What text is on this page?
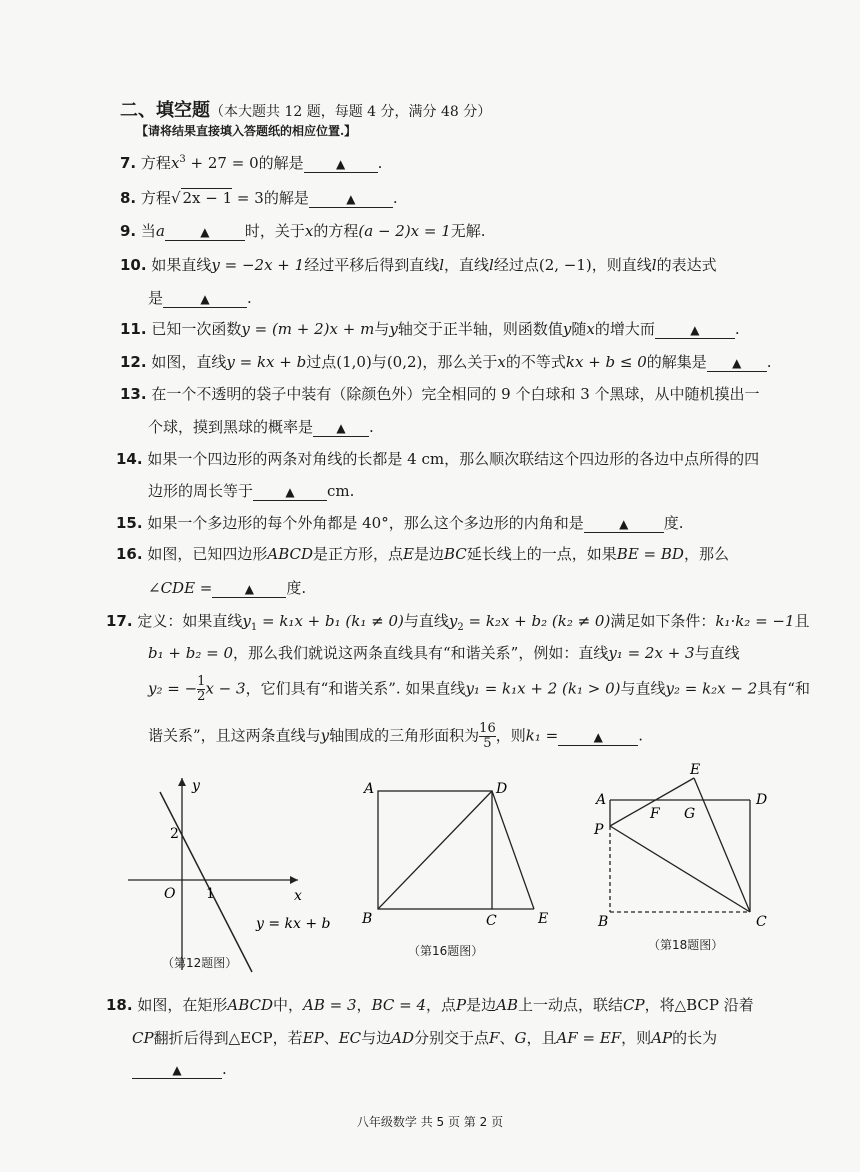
二、填空题（本大题共 12 题，每题 4 分，满分 48 分）
【请将结果直接填入答题纸的相应位置.】
7. 方程$x^3 + 27 = 0$的解是 ▲	.
8. 方程√ 2x − 1 = 3的解是 ▲	.
9. 当a ▲	时，关于x的方程(a − 2)x = 1无解.
10. 如果直线y = −2x + 1经过平移后得到直线l，直线l经过点(2, −1)，则直线l的表达式
是 ▲	.
11. 已知一次函数y = (m + 2)x + m与y轴交于正半轴，则函数值y随x的增大而 ▲	.
12. 如图，直线y = kx + b过点(1,0)与(0,2)，那么关于x的不等式kx + b ≤ 0的解集是 ▲	.
13. 在一个不透明的袋子中装有（除颜色外）完全相同的 9 个白球和 3 个黑球，从中随机摸出一
个球，摸到黑球的概率是 ▲	.
14. 如果一个四边形的两条对角线的长都是 4 cm，那么顺次联结这个四边形的各边中点所得的四
边形的周长等于 ▲	cm.
15. 如果一个多边形的每个外角都是 40°，那么这个多边形的内角和是 ▲	度.
16. 如图，已知四边形ABCD是正方形，点E是边BC延长线上的一点，如果BE = BD，那么
∠CDE = ▲	度.
17. 定义：如果直线$y_1 = k_1x + b_1$ (k₁ ≠ 0)与直线$y_2 = k_2x + b_2$ (k₂ ≠ 0)满足如下条件：k₁·k₂ = −1且
b₁ + b₂ = 0，那么我们就说这两条直线具有“和谐关系”，例如：直线y₁ = 2x + 3与直线
y₂ = − $\frac{1}{2}$ x − 3，它们具有“和谐关系”. 如果直线y₁ = k₁x + 2 (k₁ > 0)与直线y₂ = k₂x − 2具有“和
谐关系”，且这两条直线与y轴围成的三角形面积为 $\frac{16}{5}$ ，则k₁ = ▲	.
y
x
O
2
1
y = kx + b
（第12题图）
A	D
B	C	E
（第16题图）
A	D
P
B	C
E
F G
（第18题图）
18. 如图，在矩形ABCD中，AB = 3，BC = 4，点P是边AB上一动点，联结CP，将△BCP 沿着
CP翻折后得到△ECP，若EP、EC与边AD分别交于点F、G，且AF = EF，则AP的长为
▲.
八年级数学 共 5 页 第 2 页
